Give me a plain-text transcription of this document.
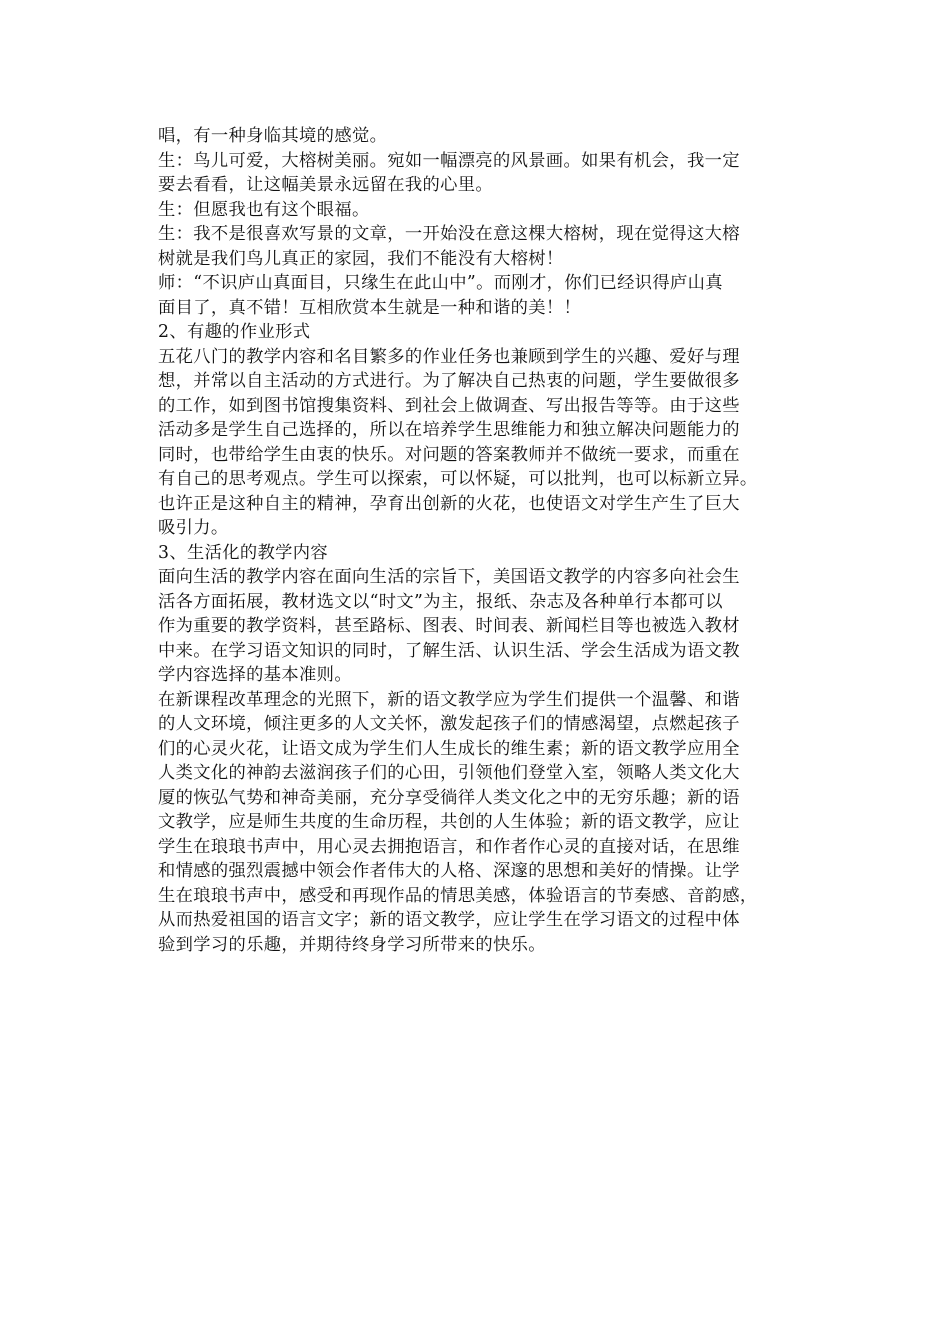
唱，有一种身临其境的感觉。
生：鸟儿可爱，大榕树美丽。宛如一幅漂亮的风景画。如果有机会，我一定
要去看看，让这幅美景永远留在我的心里。
生：但愿我也有这个眼福。
生：我不是很喜欢写景的文章，一开始没在意这棵大榕树，现在觉得这大榕
树就是我们鸟儿真正的家园，我们不能没有大榕树！
师：“不识庐山真面目，只缘生在此山中”。而刚才，你们已经识得庐山真
面目了，真不错！互相欣赏本生就是一种和谐的美！！
2、有趣的作业形式
五花八门的教学内容和名目繁多的作业任务也兼顾到学生的兴趣、爱好与理
想，并常以自主活动的方式进行。为了解决自己热衷的问题，学生要做很多
的工作，如到图书馆搜集资料、到社会上做调查、写出报告等等。由于这些
活动多是学生自己选择的，所以在培养学生思维能力和独立解决问题能力的
同时，也带给学生由衷的快乐。对问题的答案教师并不做统一要求，而重在
有自己的思考观点。学生可以探索，可以怀疑，可以批判，也可以标新立异。
也许正是这种自主的精神，孕育出创新的火花，也使语文对学生产生了巨大
吸引力。
3、生活化的教学内容
面向生活的教学内容在面向生活的宗旨下，美国语文教学的内容多向社会生
活各方面拓展，教材选文以“时文”为主，报纸、杂志及各种单行本都可以
作为重要的教学资料，甚至路标、图表、时间表、新闻栏目等也被选入教材
中来。在学习语文知识的同时，了解生活、认识生活、学会生活成为语文教
学内容选择的基本准则。
在新课程改革理念的光照下，新的语文教学应为学生们提供一个温馨、和谐
的人文环境，倾注更多的人文关怀，激发起孩子们的情感渴望，点燃起孩子
们的心灵火花，让语文成为学生们人生成长的维生素；新的语文教学应用全
人类文化的神韵去滋润孩子们的心田，引领他们登堂入室，领略人类文化大
厦的恢弘气势和神奇美丽，充分享受徜徉人类文化之中的无穷乐趣；新的语
文教学，应是师生共度的生命历程，共创的人生体验；新的语文教学，应让
学生在琅琅书声中，用心灵去拥抱语言，和作者作心灵的直接对话，在思维
和情感的强烈震撼中领会作者伟大的人格、深邃的思想和美好的情操。让学
生在琅琅书声中，感受和再现作品的情思美感，体验语言的节奏感、音韵感，
从而热爱祖国的语言文字；新的语文教学，应让学生在学习语文的过程中体
验到学习的乐趣，并期待终身学习所带来的快乐。
